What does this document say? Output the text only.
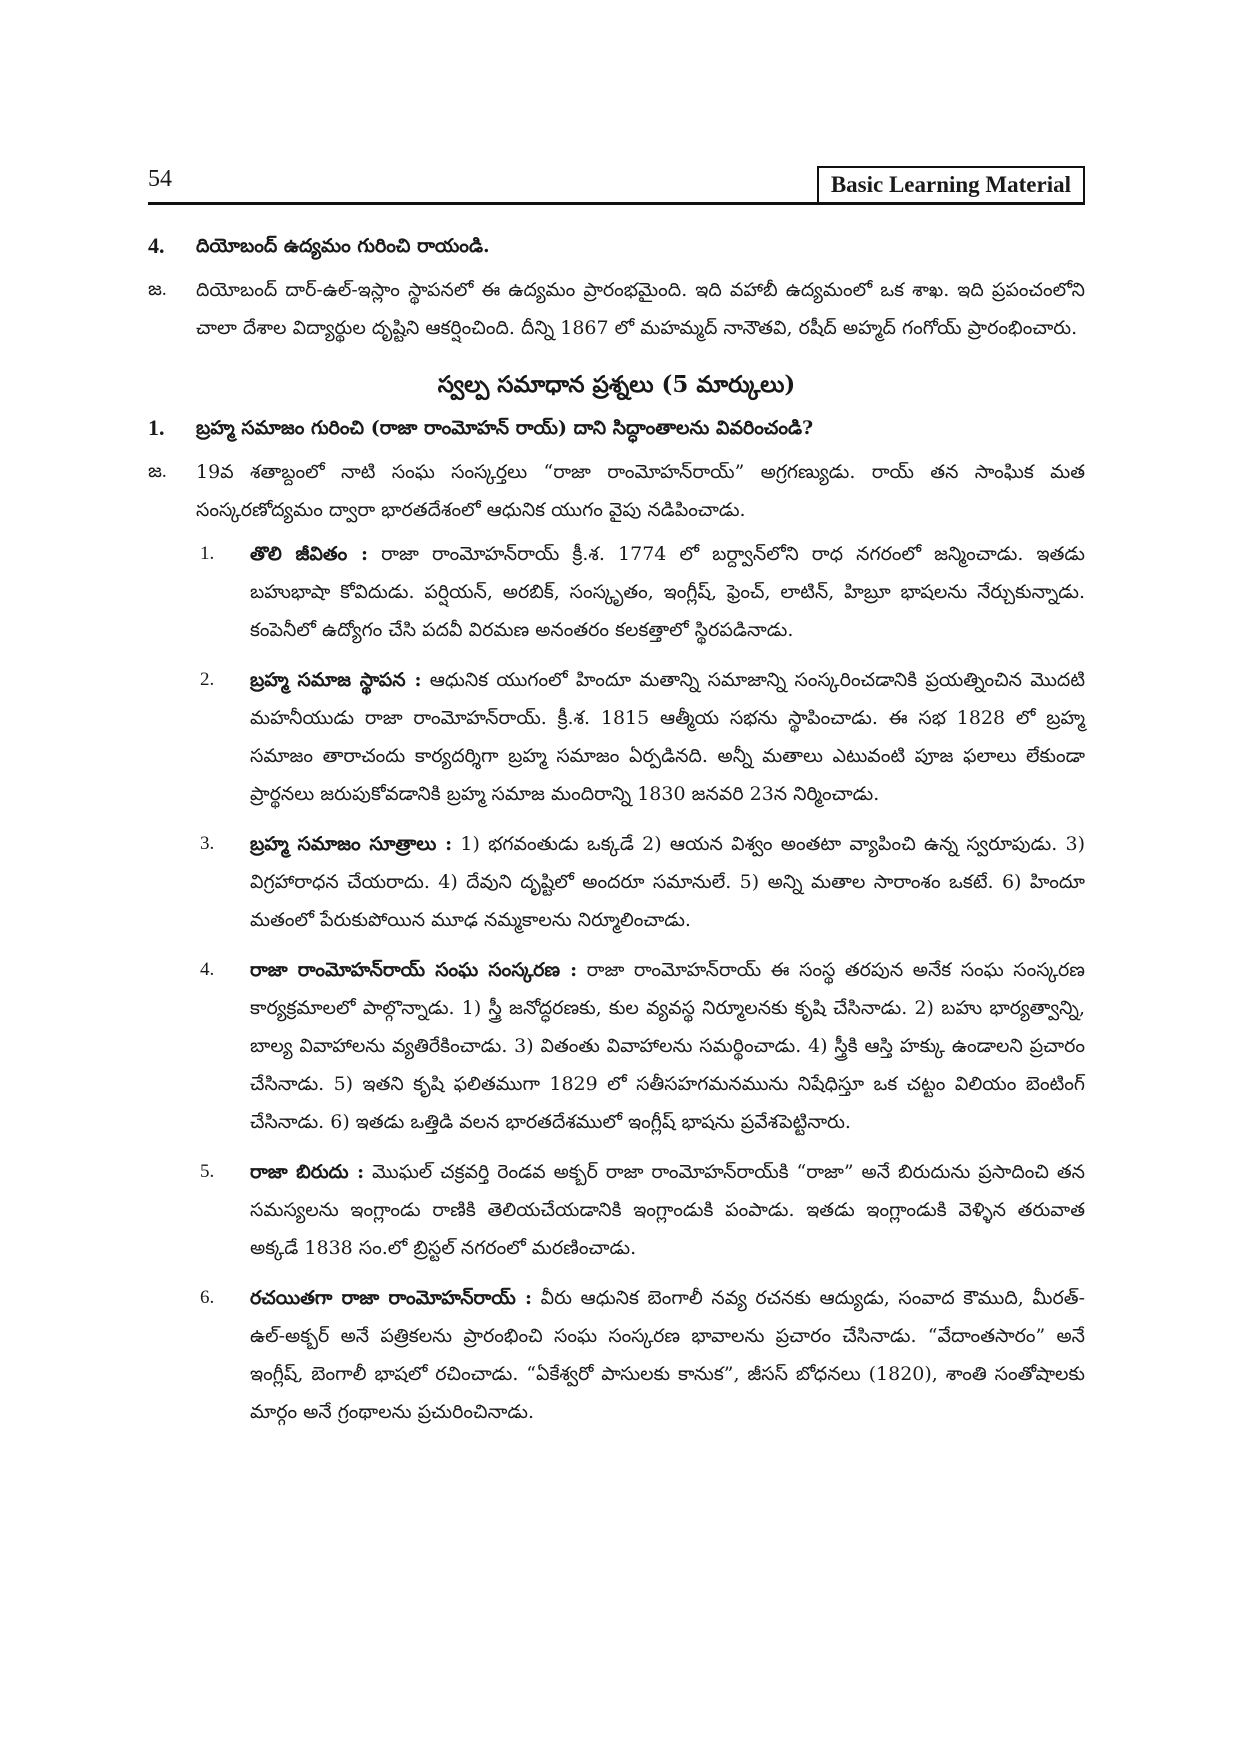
54	Basic Learning Material
4.	దియోబంద్ ఉద్యమం గురించి రాయండి.
జ.	దియోబంద్ దార్-ఉల్-ఇస్లాం స్థాపనలో ఈ ఉద్యమం ప్రారంభమైంది. ఇది వహాబీ ఉద్యమంలో ఒక శాఖ. ఇది ప్రపంచంలోని చాలా దేశాల విద్యార్థుల దృష్టిని ఆకర్షించింది. దీన్ని 1867 లో మహమ్మద్ నానౌతవి, రషీద్ అహ్మద్ గంగోయ్ ప్రారంభించారు.
స్వల్ప సమాధాన ప్రశ్నలు (5 మార్కులు)
1.	బ్రహ్మ సమాజం గురించి (రాజా రాంమోహన్ రాయ్) దాని సిద్ధాంతాలను వివరించండి?
జ.	19వ శతాబ్దంలో నాటి సంఘ సంస్కర్తలు “రాజా రాంమోహన్‌రాయ్” అగ్రగణ్యుడు. రాయ్ తన సాంఘిక మత సంస్కరణోద్యమం ద్వారా భారతదేశంలో ఆధునిక యుగం వైపు నడిపించాడు.
1.	తొలి జీవితం : రాజా రాంమోహన్‌రాయ్ క్రీ.శ. 1774 లో బర్ద్వాన్‌లోని రాధ నగరంలో జన్మించాడు. ఇతడు బహుభాషా కోవిదుడు. పర్షియన్, అరబిక్, సంస్కృతం, ఇంగ్లీష్, ఫ్రెంచ్, లాటిన్, హిబ్రూ భాషలను నేర్చుకున్నాడు. కంపెనీలో ఉద్యోగం చేసి పదవీ విరమణ అనంతరం కలకత్తాలో స్థిరపడినాడు.
2.	బ్రహ్మ సమాజ స్థాపన : ఆధునిక యుగంలో హిందూ మతాన్ని సమాజాన్ని సంస్కరించడానికి ప్రయత్నించిన మొదటి మహనీయుడు రాజా రాంమోహన్‌రాయ్. క్రీ.శ. 1815 ఆత్మీయ సభను స్థాపించాడు. ఈ సభ 1828 లో బ్రహ్మ సమాజం తారాచందు కార్యదర్శిగా బ్రహ్మ సమాజం ఏర్పడినది. అన్నీ మతాలు ఎటువంటి పూజ ఫలాలు లేకుండా ప్రార్థనలు జరుపుకోవడానికి బ్రహ్మ సమాజ మందిరాన్ని 1830 జనవరి 23న నిర్మించాడు.
3.	బ్రహ్మ సమాజం సూత్రాలు : 1) భగవంతుడు ఒక్కడే 2) ఆయన విశ్వం అంతటా వ్యాపించి ఉన్న స్వరూపుడు. 3) విగ్రహారాధన చేయరాదు. 4) దేవుని దృష్టిలో అందరూ సమానులే. 5) అన్ని మతాల సారాంశం ఒకటే. 6) హిందూ మతంలో పేరుకుపోయిన మూఢ నమ్మకాలను నిర్మూలించాడు.
4.	రాజా రాంమోహన్‌రాయ్ సంఘ సంస్కరణ : రాజా రాంమోహన్‌రాయ్ ఈ సంస్థ తరపున అనేక సంఘ సంస్కరణ కార్యక్రమాలలో పాల్గొన్నాడు. 1) స్త్రీ జనోద్ధరణకు, కుల వ్యవస్థ నిర్మూలనకు కృషి చేసినాడు. 2) బహు భార్యత్వాన్ని, బాల్య వివాహాలను వ్యతిరేకించాడు. 3) వితంతు వివాహాలను సమర్థించాడు. 4) స్త్రీకి ఆస్తి హక్కు ఉండాలని ప్రచారం చేసినాడు. 5) ఇతని కృషి ఫలితముగా 1829 లో సతీసహగమనమును నిషేధిస్తూ ఒక చట్టం విలియం బెంటింగ్ చేసినాడు. 6) ఇతడు ఒత్తిడి వలన భారతదేశములో ఇంగ్లీష్ భాషను ప్రవేశపెట్టినారు.
5.	రాజా బిరుదు : మొఘల్ చక్రవర్తి రెండవ అక్బర్ రాజా రాంమోహన్‌రాయ్‌కి “రాజా” అనే బిరుదును ప్రసాదించి తన సమస్యలను ఇంగ్లాండు రాణికి తెలియచేయడానికి ఇంగ్లాండుకి పంపాడు. ఇతడు ఇంగ్లాండుకి వెళ్ళిన తరువాత అక్కడే 1838 సం.లో బ్రిస్టల్ నగరంలో మరణించాడు.
6.	రచయితగా రాజా రాంమోహన్‌రాయ్ : వీరు ఆధునిక బెంగాలీ నవ్య రచనకు ఆద్యుడు, సంవాద కౌముది, మీరత్-ఉల్-అక్బర్ అనే పత్రికలను ప్రారంభించి సంఘ సంస్కరణ భావాలను ప్రచారం చేసినాడు. “వేదాంతసారం” అనే ఇంగ్లీష్, బెంగాలీ భాషలో రచించాడు. “ఏకేశ్వరో పాసులకు కానుక”, జీసస్ బోధనలు (1820), శాంతి సంతోషాలకు మార్గం అనే గ్రంథాలను ప్రచురించినాడు.
